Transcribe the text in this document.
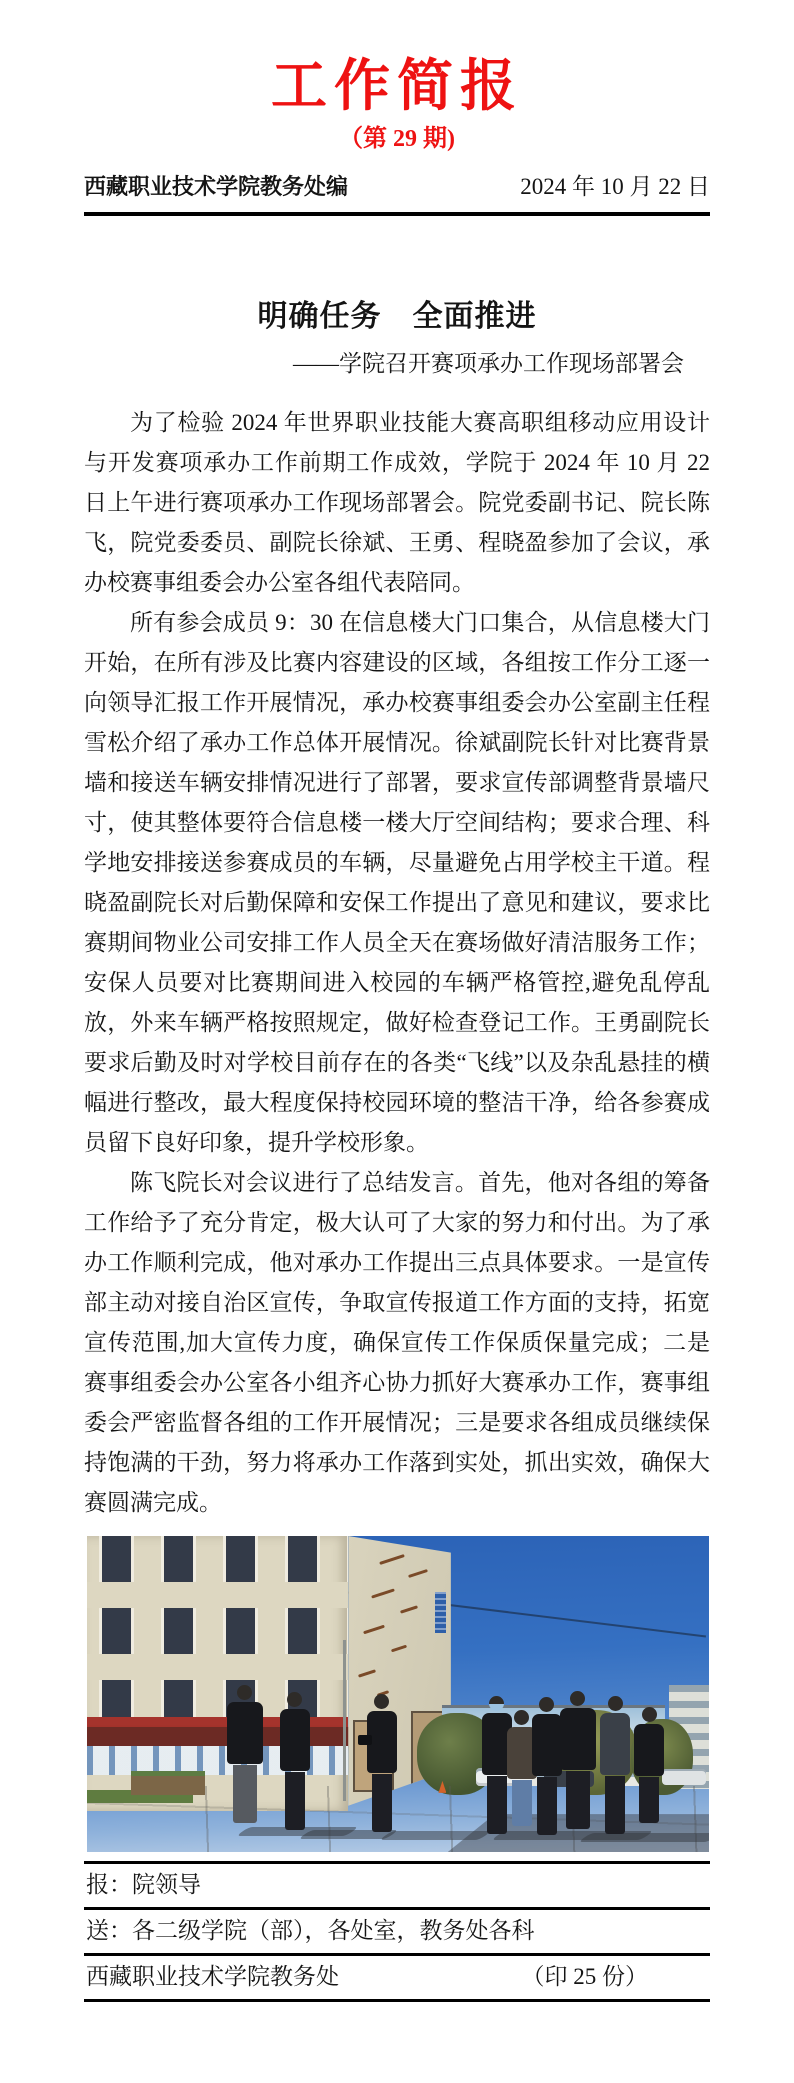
工作简报
（第 29 期)
西藏职业技术学院教务处编	2024 年 10 月 22 日
明确任务　全面推进
——学院召开赛项承办工作现场部署会

为了检验 2024 年世界职业技能大赛高职组移动应用设计与开发赛项承办工作前期工作成效，学院于 2024 年 10 月 22 日上午进行赛项承办工作现场部署会。院党委副书记、院长陈飞，院党委委员、副院长徐斌、王勇、程晓盈参加了会议，承办校赛事组委会办公室各组代表陪同。

所有参会成员 9：30 在信息楼大门口集合，从信息楼大门开始，在所有涉及比赛内容建设的区域，各组按工作分工逐一向领导汇报工作开展情况，承办校赛事组委会办公室副主任程雪松介绍了承办工作总体开展情况。徐斌副院长针对比赛背景墙和接送车辆安排情况进行了部署，要求宣传部调整背景墙尺寸，使其整体要符合信息楼一楼大厅空间结构；要求合理、科学地安排接送参赛成员的车辆，尽量避免占用学校主干道。程晓盈副院长对后勤保障和安保工作提出了意见和建议，要求比赛期间物业公司安排工作人员全天在赛场做好清洁服务工作；安保人员要对比赛期间进入校园的车辆严格管控,避免乱停乱放，外来车辆严格按照规定，做好检查登记工作。王勇副院长要求后勤及时对学校目前存在的各类“飞线”以及杂乱悬挂的横幅进行整改，最大程度保持校园环境的整洁干净，给各参赛成员留下良好印象，提升学校形象。

陈飞院长对会议进行了总结发言。首先，他对各组的筹备工作给予了充分肯定，极大认可了大家的努力和付出。为了承办工作顺利完成，他对承办工作提出三点具体要求。一是宣传部主动对接自治区宣传，争取宣传报道工作方面的支持，拓宽宣传范围,加大宣传力度，确保宣传工作保质保量完成；二是赛事组委会办公室各小组齐心协力抓好大赛承办工作，赛事组委会严密监督各组的工作开展情况；三是要求各组成员继续保持饱满的干劲，努力将承办工作落到实处，抓出实效，确保大赛圆满完成。

报：院领导
送：各二级学院（部），各处室，教务处各科
西藏职业技术学院教务处	（印 25 份）
